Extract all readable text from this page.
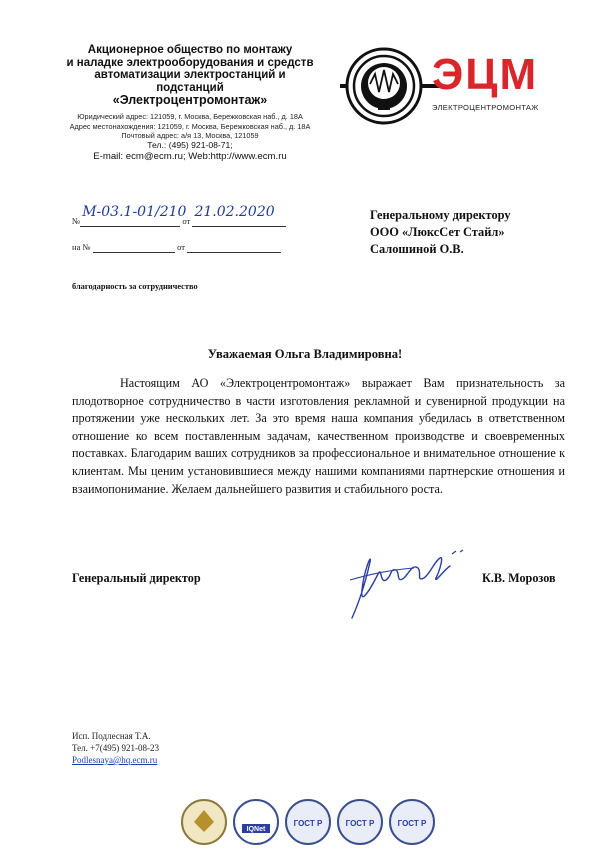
Акционерное общество по монтажу
и наладке электрооборудования и средств
автоматизации электростанций и
подстанций
«Электроцентромонтаж»
Юридический адрес: 121059, г. Москва, Бережковская наб., д. 18А
Адрес местонахождения: 121059, г. Москва, Бережковская наб., д. 18А
Почтовый адрес: а/я 13, Москва, 121059
Тел.: (495) 921-08-71;
E-mail: ecm@ecm.ru; Web:http://www.ecm.ru
ЭЦМ
ЭЛЕКТРОЦЕНТРОМОНТАЖ
№
М-03.1-01/210
от
21.02.2020

на №	от
Генеральному директору
ООО «ЛюксСет Стайл»
Салошиной О.В.
благодарность за сотрудничество
Уважаемая Ольга Владимировна!

Настоящим АО «Электроцентромонтаж» выражает Вам признательность за плодотворное сотрудничество в части изготовления рекламной и сувенирной продукции на протяжении уже нескольких лет. За это время наша компания убедилась в ответственном отношение ко всем поставленным задачам, качественном производстве и своевременных поставках. Благодарим ваших сотрудников за профессиональное и внимательное отношение к клиентам. Мы ценим установившиеся между нашими компаниями партнерские отношения и взаимопонимание. Желаем дальнейшего развития и стабильного роста.

Генеральный директор	К.В. Морозов
Исп. Подлесная Т.А.
Тел. +7(495) 921-08-23
Podlesnaya@hq.ecm.ru
IQNet
ГОСТ Р	ГОСТ Р	ГОСТ Р
